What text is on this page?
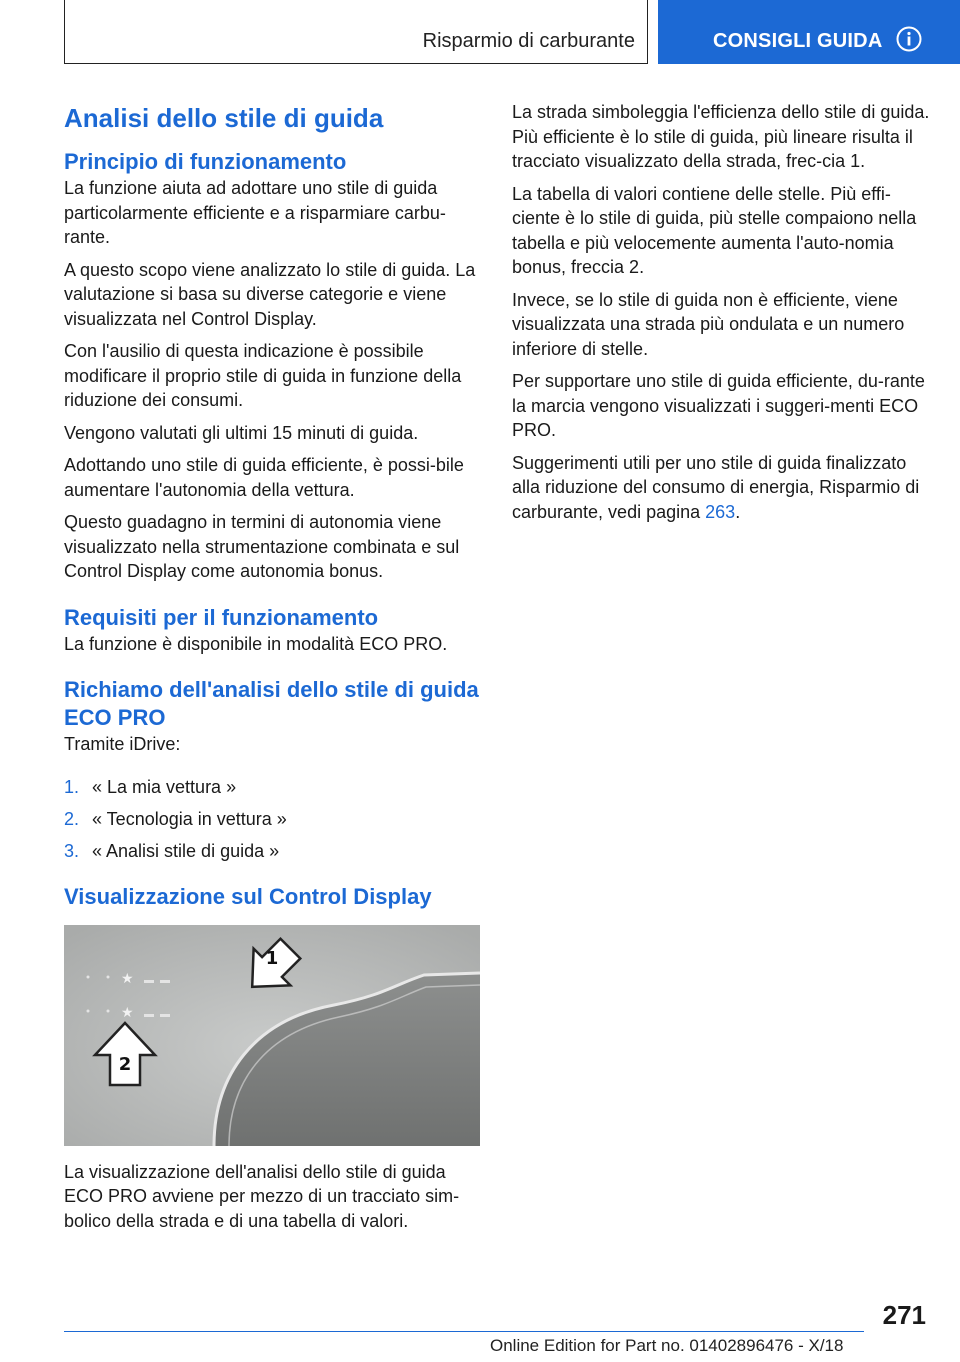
Risparmio di carburante	CONSIGLI GUIDA
Analisi dello stile di guida
Principio di funzionamento

La funzione aiuta ad adottare uno stile di guida particolarmente efficiente e a risparmiare carbu-rante.

A questo scopo viene analizzato lo stile di guida. La valutazione si basa su diverse categorie e viene visualizzata nel Control Display.

Con l'ausilio di questa indicazione è possibile modificare il proprio stile di guida in funzione della riduzione dei consumi.

Vengono valutati gli ultimi 15 minuti di guida.

Adottando uno stile di guida efficiente, è possi-bile aumentare l'autonomia della vettura.

Questo guadagno in termini di autonomia viene visualizzato nella strumentazione combinata e sul Control Display come autonomia bonus.

Requisiti per il funzionamento

La funzione è disponibile in modalità ECO PRO.

Richiamo dell'analisi dello stile di guida ECO PRO

Tramite iDrive:

1. « La mia vettura »
2. « Tecnologia in vettura »
3. « Analisi stile di guida »
Visualizzazione sul Control Display
★
★
1
2

La visualizzazione dell'analisi dello stile di guida ECO PRO avviene per mezzo di un tracciato sim-bolico della strada e di una tabella di valori.

La strada simboleggia l'efficienza dello stile di guida. Più efficiente è lo stile di guida, più lineare risulta il tracciato visualizzato della strada, frec-cia 1.

La tabella di valori contiene delle stelle. Più effi-ciente è lo stile di guida, più stelle compaiono nella tabella e più velocemente aumenta l'auto-nomia bonus, freccia 2.

Invece, se lo stile di guida non è efficiente, viene visualizzata una strada più ondulata e un numero inferiore di stelle.

Per supportare uno stile di guida efficiente, du-rante la marcia vengono visualizzati i suggeri-menti ECO PRO.

Suggerimenti utili per uno stile di guida finalizzato alla riduzione del consumo di energia, Risparmio di carburante, vedi pagina 263.

271
Online Edition for Part no. 01402896476 - X/18
